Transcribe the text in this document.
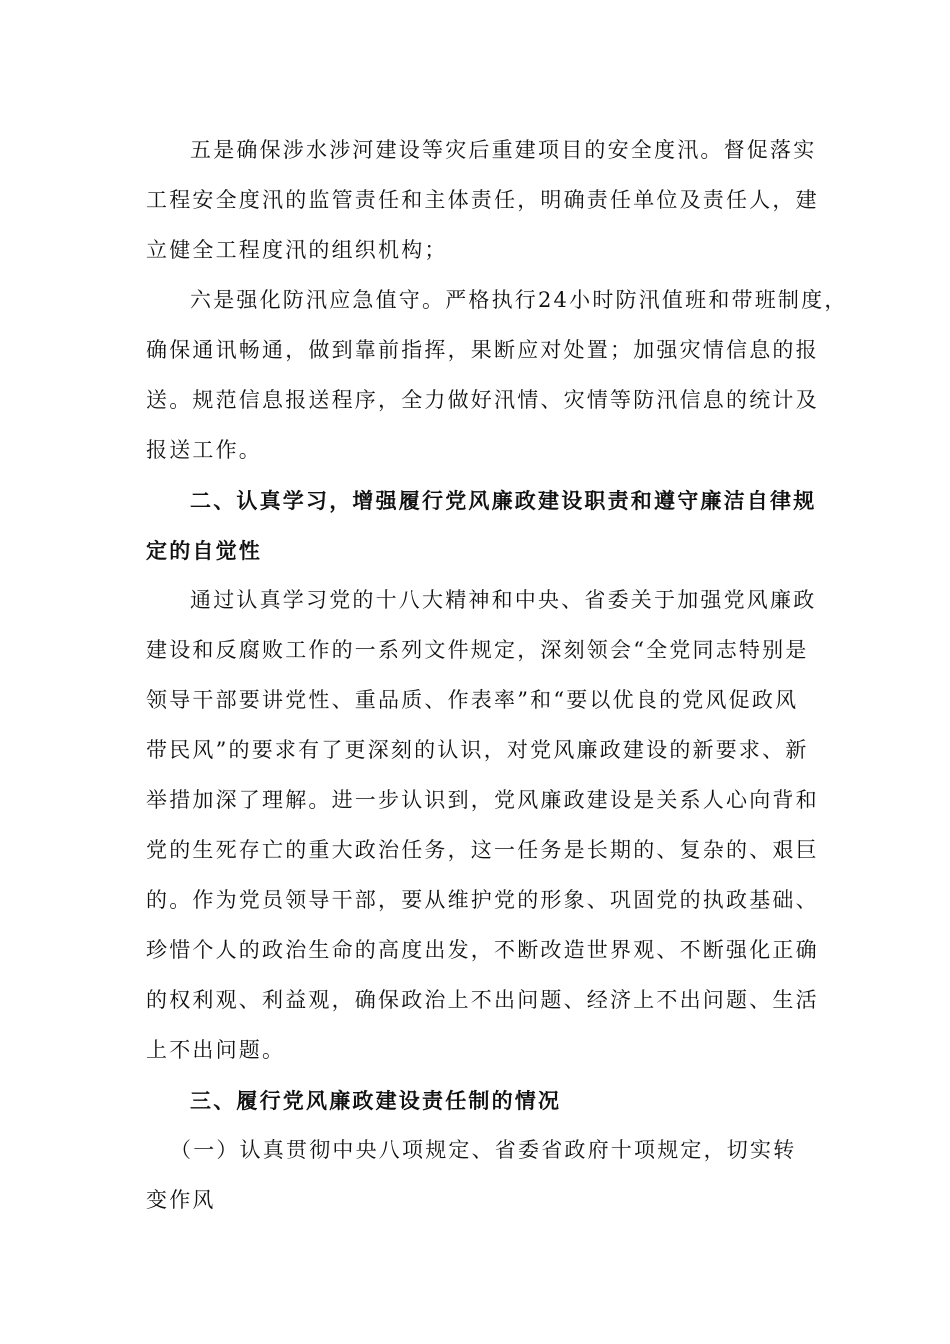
五是确保涉水涉河建设等灾后重建项目的安全度汛。督促落实
工程安全度汛的监管责任和主体责任，明确责任单位及责任人，建
立健全工程度汛的组织机构；
六是强化防汛应急值守。严格执行24小时防汛值班和带班制度，
确保通讯畅通，做到靠前指挥，果断应对处置；加强灾情信息的报
送。规范信息报送程序，全力做好汛情、灾情等防汛信息的统计及
报送工作。
二、认真学习，增强履行党风廉政建设职责和遵守廉洁自律规
定的自觉性
通过认真学习党的十八大精神和中央、省委关于加强党风廉政
建设和反腐败工作的一系列文件规定，深刻领会“全党同志特别是
领导干部要讲党性、重品质、作表率”和“要以优良的党风促政风
带民风”的要求有了更深刻的认识，对党风廉政建设的新要求、新
举措加深了理解。进一步认识到，党风廉政建设是关系人心向背和
党的生死存亡的重大政治任务，这一任务是长期的、复杂的、艰巨
的。作为党员领导干部，要从维护党的形象、巩固党的执政基础、
珍惜个人的政治生命的高度出发，不断改造世界观、不断强化正确
的权利观、利益观，确保政治上不出问题、经济上不出问题、生活
上不出问题。
三、履行党风廉政建设责任制的情况
（一）认真贯彻中央八项规定、省委省政府十项规定，切实转
变作风
